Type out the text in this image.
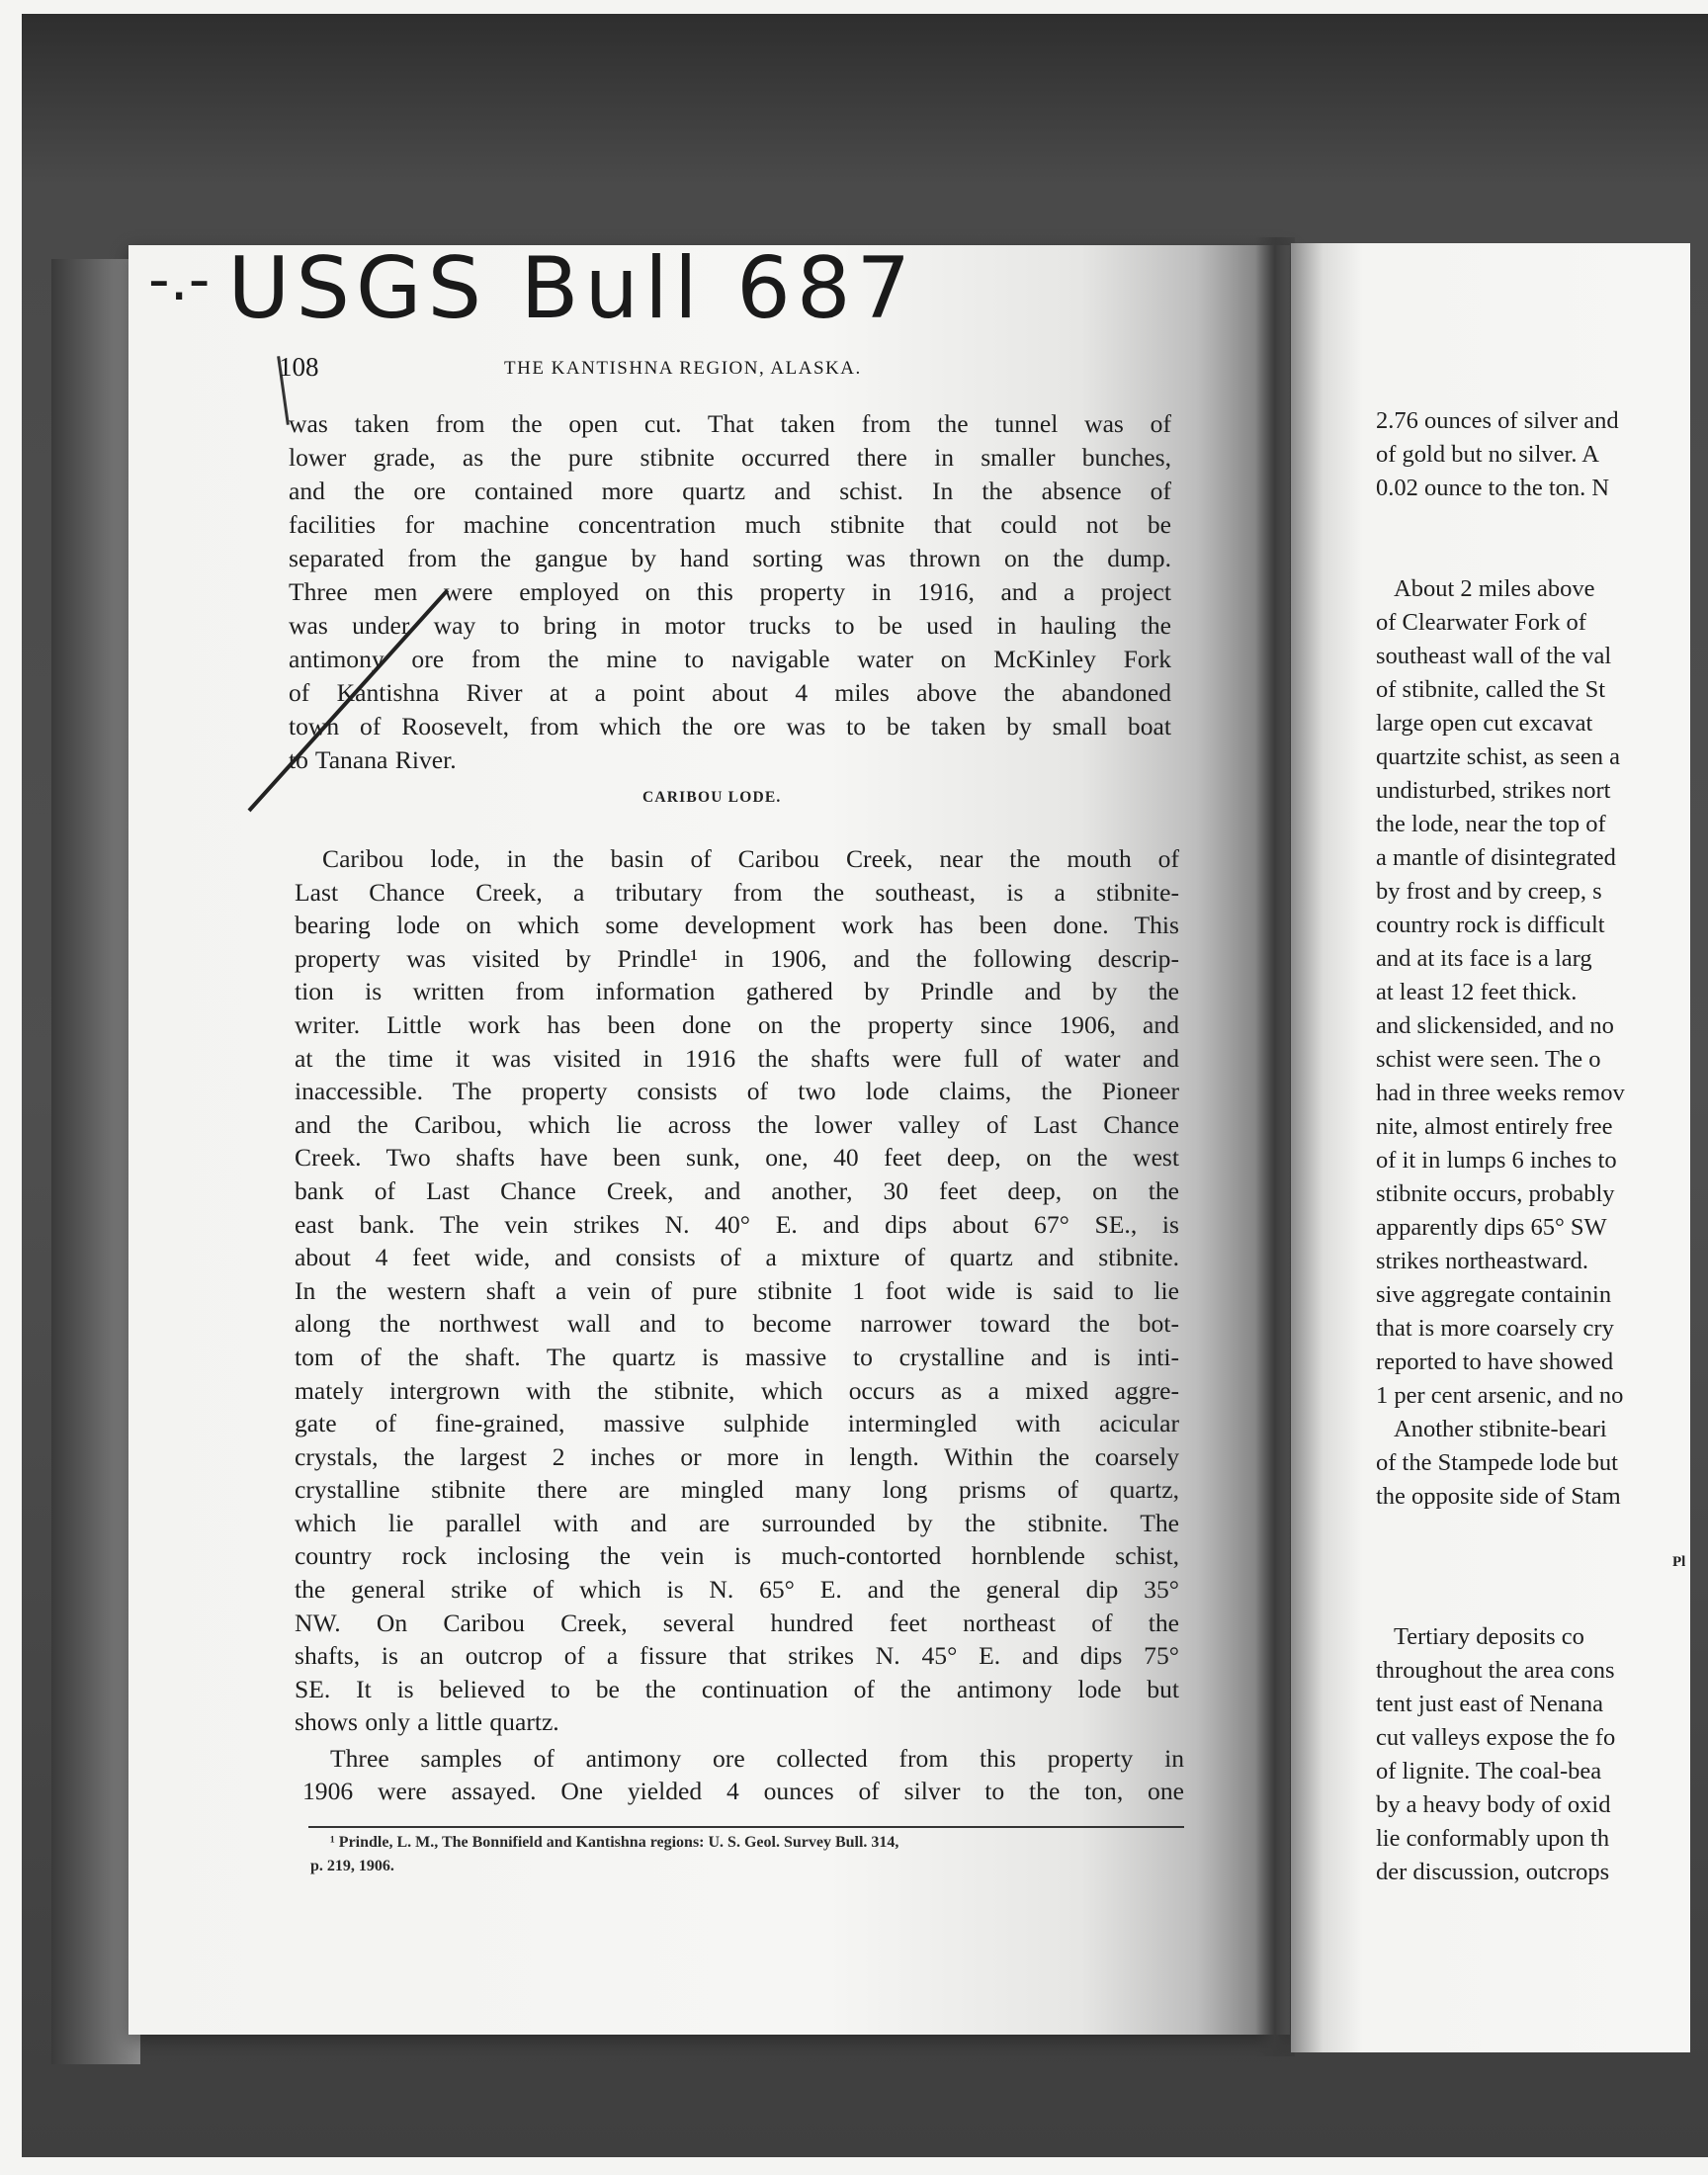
-.- USGS Bull 687
108	THE KANTISHNA REGION, ALASKA.
was taken from the open cut. That taken from the tunnel was of
lower grade, as the pure stibnite occurred there in smaller bunches,
and the ore contained more quartz and schist. In the absence of
facilities for machine concentration much stibnite that could not be
separated from the gangue by hand sorting was thrown on the dump.
Three men were employed on this property in 1916, and a project
was under way to bring in motor trucks to be used in hauling the
antimony ore from the mine to navigable water on McKinley Fork
of Kantishna River at a point about 4 miles above the abandoned
town of Roosevelt, from which the ore was to be taken by small boat
to Tanana River.
CARIBOU LODE.
Caribou lode, in the basin of Caribou Creek, near the mouth of
Last Chance Creek, a tributary from the southeast, is a stibnite-
bearing lode on which some development work has been done. This
property was visited by Prindle¹ in 1906, and the following descrip-
tion is written from information gathered by Prindle and by the
writer. Little work has been done on the property since 1906, and
at the time it was visited in 1916 the shafts were full of water and
inaccessible. The property consists of two lode claims, the Pioneer
and the Caribou, which lie across the lower valley of Last Chance
Creek. Two shafts have been sunk, one, 40 feet deep, on the west
bank of Last Chance Creek, and another, 30 feet deep, on the
east bank. The vein strikes N. 40° E. and dips about 67° SE., is
about 4 feet wide, and consists of a mixture of quartz and stibnite.
In the western shaft a vein of pure stibnite 1 foot wide is said to lie
along the northwest wall and to become narrower toward the bot-
tom of the shaft. The quartz is massive to crystalline and is inti-
mately intergrown with the stibnite, which occurs as a mixed aggre-
gate of fine-grained, massive sulphide intermingled with acicular
crystals, the largest 2 inches or more in length. Within the coarsely
crystalline stibnite there are mingled many long prisms of quartz,
which lie parallel with and are surrounded by the stibnite. The
country rock inclosing the vein is much-contorted hornblende schist,
the general strike of which is N. 65° E. and the general dip 35°
NW. On Caribou Creek, several hundred feet northeast of the
shafts, is an outcrop of a fissure that strikes N. 45° E. and dips 75°
SE. It is believed to be the continuation of the antimony lode but
shows only a little quartz.
Three samples of antimony ore collected from this property in
1906 were assayed. One yielded 4 ounces of silver to the ton, one
¹ Prindle, L. M., The Bonnifield and Kantishna regions: U. S. Geol. Survey Bull. 314,
p. 219, 1906.
2.76 ounces of silver and
of gold but no silver. A
0.02 ounce to the ton. N
About 2 miles above
of Clearwater Fork of
southeast wall of the val
of stibnite, called the St
large open cut excavat
quartzite schist, as seen a
undisturbed, strikes nort
the lode, near the top of
a mantle of disintegrated
by frost and by creep, s
country rock is difficult
and at its face is a larg
at least 12 feet thick.
and slickensided, and no
schist were seen. The o
had in three weeks remov
nite, almost entirely free
of it in lumps 6 inches to
stibnite occurs, probably
apparently dips 65° SW
strikes northeastward.
sive aggregate containin
that is more coarsely cry
reported to have showed
1 per cent arsenic, and no
Another stibnite-beari
of the Stampede lode but
the opposite side of Stam
Pl
Tertiary deposits co
throughout the area cons
tent just east of Nenana
cut valleys expose the fo
of lignite. The coal-bea
by a heavy body of oxid
lie conformably upon th
der discussion, outcrops
